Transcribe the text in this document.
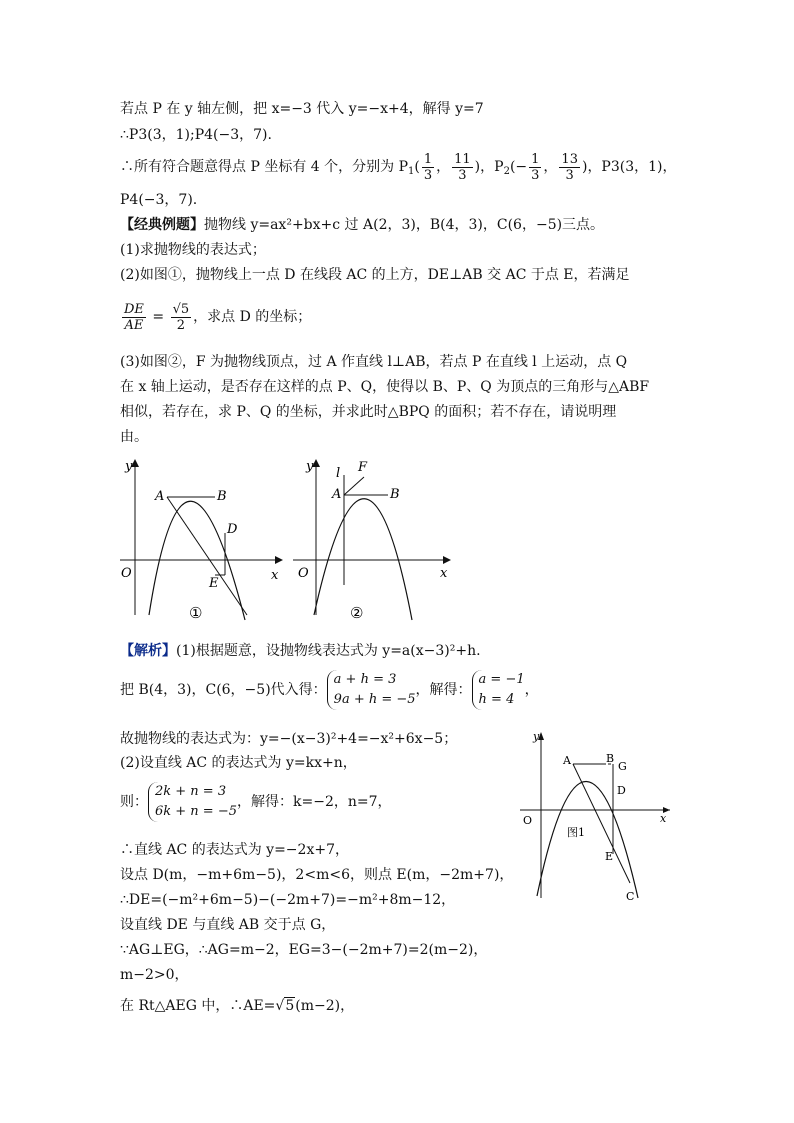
若点 P 在 y 轴左侧，把 x=−3 代入 y=−x+4，解得 y=7
∴P3(3，1);P4(−3，7).
∴所有符合题意得点 P 坐标有 4 个，分别为 $P_1( \frac{1}{3}$ ， $\frac{11}{3}$ )，$P_2(- \frac{1}{3}$ ， $\frac{13}{3}$ )，P3(3，1)，
P4(−3，7).
【经典例题】抛物线 y=ax²+bx+c 过 A(2，3)，B(4，3)，C(6，−5)三点。
(1)求抛物线的表达式；
(2)如图①，抛物线上一点 D 在线段 AC 的上方，DE⊥AB 交 AC 于点 E，若满足
$\frac{DE}{AE} = \frac{√5}{2}$ ，求点 D 的坐标；
(3)如图②，F 为抛物线顶点，过 A 作直线 l⊥AB，若点 P 在直线 l 上运动，点 Q
在 x 轴上运动，是否存在这样的点 P、Q，使得以 B、P、Q 为顶点的三角形与△ABF
相似，若存在，求 P、Q 的坐标，并求此时△BPQ 的面积；若不存在，请说明理
由。
y
x
O
A	B
D
E
①
y
x
O
A	B
F
l
②
【解析】(1)根据题意，设抛物线表达式为 y=a(x−3)²+h.
把 B(4，3)，C(6，−5)代入得：
a + h = 3
9a + h = −5
，解得：
a = −1
h = 4
，
故抛物线的表达式为：y=−(x−3)²+4=−x²+6x−5；
(2)设直线 AC 的表达式为 y=kx+n，
则：
2k + n = 3
6k + n = −5
，解得：k=−2，n=7，
∴直线 AC 的表达式为 y=−2x+7，
设点 D(m，−m+6m−5)，2<m<6，则点 E(m，−2m+7)，
∴DE=(−m²+6m−5)−(−2m+7)=−m²+8m−12，
设直线 DE 与直线 AB 交于点 G，
∵AG⊥EG，∴AG=m−2，EG=3−(−2m+7)=2(m−2)，
m−2>0，
在 Rt△AEG 中，∴AE=√5(m−2)，
y
x
O
A	B
G
D
E
C
图1
